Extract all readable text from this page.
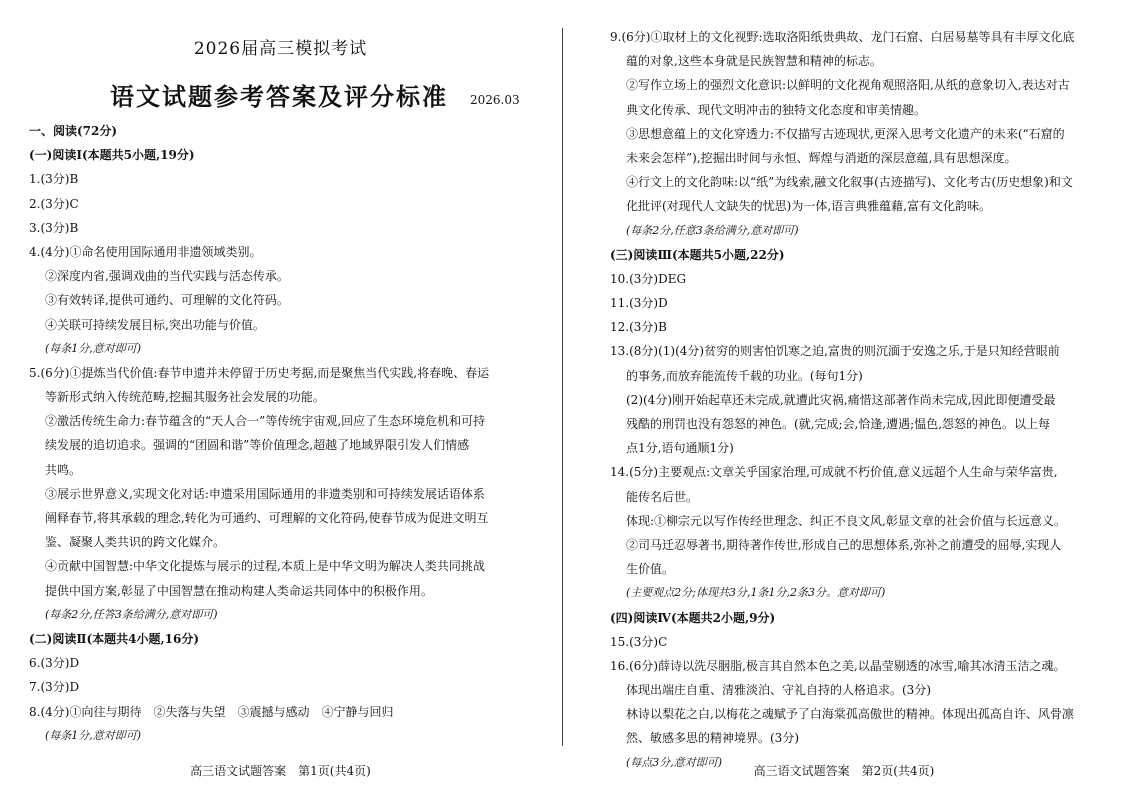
2026届高三模拟考试
语文试题参考答案及评分标准 2026.03
一、阅读(72分)
(一)阅读Ⅰ(本题共5小题,19分)
1.(3分)B
2.(3分)C
3.(3分)B
4.(4分)①命名使用国际通用非遗领域类别。
②深度内省,强调戏曲的当代实践与活态传承。
③有效转译,提供可通约、可理解的文化符码。
④关联可持续发展目标,突出功能与价值。
(每条1分,意对即可)
5.(6分)①提炼当代价值:春节申遗并未停留于历史考据,而是聚焦当代实践,将春晚、春运
等新形式纳入传统范畴,挖掘其服务社会发展的功能。
②激活传统生命力:春节蕴含的“天人合一”等传统宇宙观,回应了生态环境危机和可持
续发展的追切追求。强调的“团圆和谐”等价值理念,超越了地域界限引发人们情感
共鸣。
③展示世界意义,实现文化对话:申遗采用国际通用的非遗类别和可持续发展话语体系
阐释春节,将其承载的理念,转化为可通约、可理解的文化符码,使春节成为促进文明互
鉴、凝聚人类共识的跨文化媒介。
④贡献中国智慧:中华文化提炼与展示的过程,本质上是中华文明为解决人类共同挑战
提供中国方案,彰显了中国智慧在推动构建人类命运共同体中的积极作用。
(每条2分,任答3条给满分,意对即可)
(二)阅读Ⅱ(本题共4小题,16分)
6.(3分)D
7.(3分)D
8.(4分)①向往与期待　②失落与失望　③震撼与感动　④宁静与回归
(每条1分,意对即可)
高三语文试题答案　第1页(共4页)
9.(6分)①取材上的文化视野:选取洛阳纸贵典故、龙门石窟、白居易墓等具有丰厚文化底
蕴的对象,这些本身就是民族智慧和精神的标志。
②写作立场上的强烈文化意识:以鲜明的文化视角观照洛阳,从纸的意象切入,表达对古
典文化传承、现代文明冲击的独特文化态度和审美情趣。
③思想意蕴上的文化穿透力:不仅描写古迹现状,更深入思考文化遗产的未来(“石窟的
未来会怎样”),挖掘出时间与永恒、辉煌与消逝的深层意蕴,具有思想深度。
④行文上的文化韵味:以“纸”为线索,融文化叙事(古迹描写)、文化考古(历史想象)和文
化批评(对现代人文缺失的忧思)为一体,语言典雅蕴藉,富有文化韵味。
(每条2分,任意3条给满分,意对即可)
(三)阅读Ⅲ(本题共5小题,22分)
10.(3分)DEG
11.(3分)D
12.(3分)B
13.(8分)(1)(4分)贫穷的则害怕饥寒之迫,富贵的则沉湎于安逸之乐,于是只知经营眼前
的事务,而放弃能流传千载的功业。(每句1分)
(2)(4分)刚开始起草还未完成,就遭此灾祸,痛惜这部著作尚未完成,因此即便遭受最
残酷的刑罚也没有怨怒的神色。(就,完成;会,恰逢,遭遇;愠色,怨怒的神色。以上每
点1分,语句通顺1分)
14.(5分)主要观点:文章关乎国家治理,可成就不朽价值,意义远超个人生命与荣华富贵,
能传名后世。
体现:①柳宗元以写作传经世理念、纠正不良文风,彰显文章的社会价值与长远意义。
②司马迁忍辱著书,期待著作传世,形成自己的思想体系,弥补之前遭受的屈辱,实现人
生价值。
(主要观点2分;体现共3分,1条1分,2条3分。意对即可)
(四)阅读Ⅳ(本题共2小题,9分)
15.(3分)C
16.(6分)薛诗以洗尽胭脂,极言其自然本色之美,以晶莹剔透的冰雪,喻其冰清玉洁之魂。
体现出端庄自重、清雅淡泊、守礼自持的人格追求。(3分)
林诗以梨花之白,以梅花之魂赋予了白海棠孤高傲世的精神。体现出孤高自许、风骨凛
然、敏感多思的精神境界。(3分)
(每点3分,意对即可)
高三语文试题答案　第2页(共4页)
